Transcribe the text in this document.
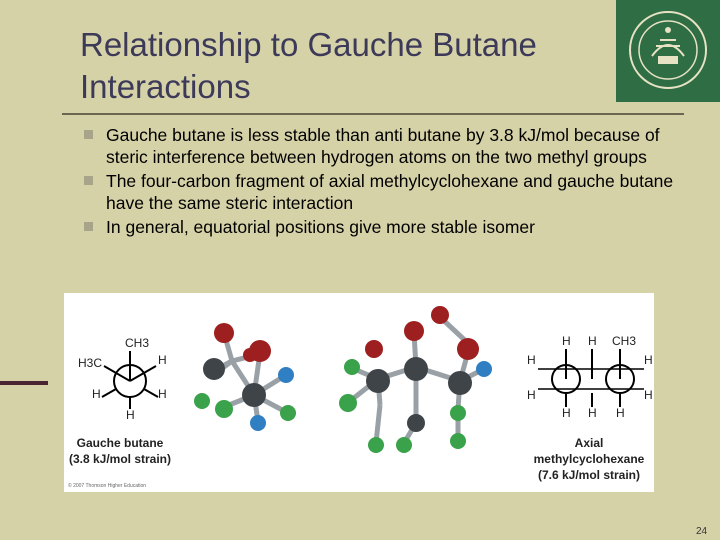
Relationship to Gauche Butane Interactions
Gauche butane is less stable than anti butane by 3.8 kJ/mol because of steric interference between hydrogen atoms on the two methyl groups
The four-carbon fragment of axial methylcyclohexane and gauche butane have the same steric interaction
In general, equatorial positions give more stable isomer
CH3
H3C	H
H	H
H
H H CH3
H	H
H	H
H H H
Gauche butane
(3.8 kJ/mol strain)
Axial
methylcyclohexane
(7.6 kJ/mol strain)
© 2007 Thomson Higher Education
24
